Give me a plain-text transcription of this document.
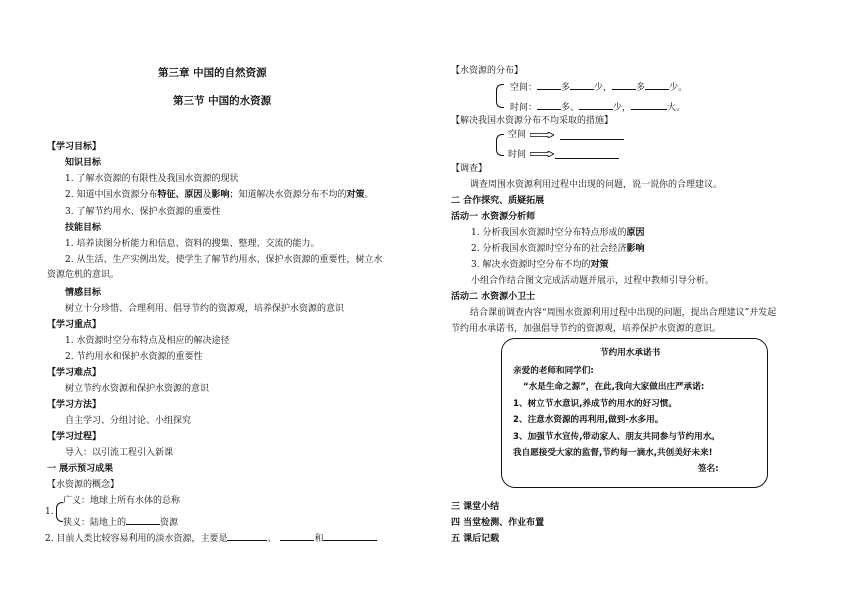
第三章 中国的自然资源
第三节 中国的水资源
【学习目标】
知识目标
1. 了解水资源的有限性及我国水资源的现状
2. 知道中国水资源分布特征、原因及影响；知道解决水资源分布不均的对策。
3. 了解节约用水、保护水资源的重要性
技能目标
1. 培养读图分析能力和信息、资料的搜集、整理、交流的能力。
2. 从生活、生产实例出发，使学生了解节约用水、保护水资源的重要性，树立水
资源危机的意识。
情感目标
树立十分珍惜、合理利用、倡导节约的资源观，培养保护水资源的意识
【学习重点】
1. 水资源时空分布特点及相应的解决途径
2. 节约用水和保护水资源的重要性
【学习难点】
树立节约水资源和保护水资源的意识
【学习方法】
自主学习、分组讨论、小组探究
【学习过程】
导入：以引流工程引入新课
一 展示预习成果
【水资源的概念】
1.
广义：地球上所有水体的总称
狭义：陆地上的	资源
2. 目前人类比较容易利用的淡水资源，主要是	、	和
【水资源的分布】
空间：	多	少，	多	少。
时间：	多、	少，	大。
【解决我国水资源分布不均采取的措施】
空间
时间
【调查】
调查周围水资源利用过程中出现的问题，说一说你的合理建议。
二 合作探究、质疑拓展
活动一 水资源分析师
1. 分析我国水资源时空分布特点形成的原因
2. 分析我国水资源时空分布的社会经济影响
3. 解决水资源时空分布不均的对策
小组合作结合图文完成活动题并展示，过程中教师引导分析。
活动二 水资源小卫士
结合课前调查内容“周围水资源利用过程中出现的问题，提出合理建议”并发起
节约用水承诺书，加强倡导节约的资源观，培养保护水资源的意识。
节约用水承诺书
亲爱的老师和同学们:
“水是生命之源”，在此,我向大家做出庄严承诺:
1、树立节水意识,养成节约用水的好习惯。
2、注意水资源的再利用,做到-水多用。
3、加强节水宣传,带动家人、朋友共同参与节约用水。
我自愿接受大家的监督,节约每一滴水,共创美好未来!
签名:
三 课堂小结
四 当堂检测、作业布置
五 课后记载
